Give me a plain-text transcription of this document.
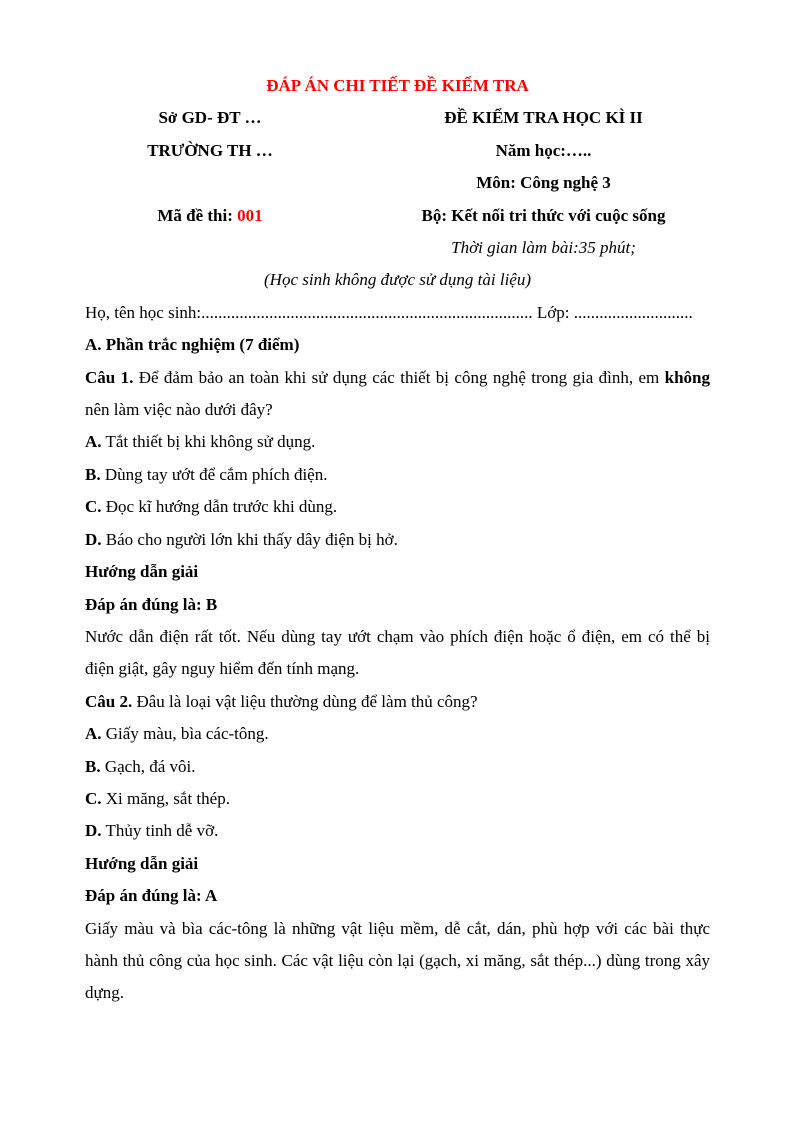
ĐÁP ÁN CHI TIẾT ĐỀ KIỂM TRA

Sở GD- ĐT …

TRƯỜNG TH …

Mã đề thi: 001

ĐỀ KIỂM TRA HỌC KÌ II

Năm học:…..

Môn: Công nghệ 3

Bộ: Kết nối tri thức với cuộc sống

Thời gian làm bài:35 phút;

(Học sinh không được sử dụng tài liệu)

Họ, tên học sinh:.............................................................................. Lớp: ............................

A. Phần trắc nghiệm (7 điểm)

Câu 1. Để đảm bảo an toàn khi sử dụng các thiết bị công nghệ trong gia đình, em không nên làm việc nào dưới đây?

A. Tắt thiết bị khi không sử dụng.

B. Dùng tay ướt để cắm phích điện.

C. Đọc kĩ hướng dẫn trước khi dùng.

D. Báo cho người lớn khi thấy dây điện bị hở.

Hướng dẫn giải

Đáp án đúng là: B

Nước dẫn điện rất tốt. Nếu dùng tay ướt chạm vào phích điện hoặc ổ điện, em có thể bị điện giật, gây nguy hiểm đến tính mạng.

Câu 2. Đâu là loại vật liệu thường dùng để làm thủ công?

A. Giấy màu, bìa các-tông.

B. Gạch, đá vôi.

C. Xi măng, sắt thép.

D. Thủy tinh dễ vỡ.

Hướng dẫn giải

Đáp án đúng là: A

Giấy màu và bìa các-tông là những vật liệu mềm, dễ cắt, dán, phù hợp với các bài thực hành thủ công của học sinh. Các vật liệu còn lại (gạch, xi măng, sắt thép...) dùng trong xây dựng.
